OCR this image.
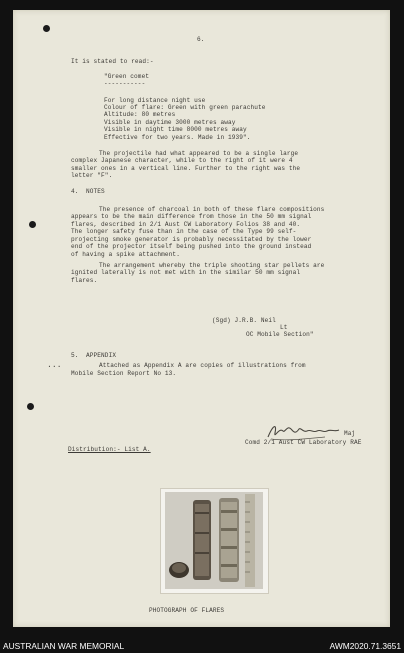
6.
It is stated to read:-
"Green comet
-----------
For long distance night use
Colour of flare: Green with green parachute
Altitude: 80 metres
Visible in daytime 3000 metres away
Visible in night time 8000 metres away
Effective for two years. Made in 1939".
The projectile had what appeared to be a single large
complex Japanese character, while to the right of it were 4
smaller ones in a vertical line. Further to the right was the
letter "F".
4.  NOTES
The presence of charcoal in both of these flare compositions
appears to be the main difference from those in the 50 mm signal
flares, described in 2/1 Aust CW Laboratory Folios 38 and 40.
The longer safety fuse than in the case of the Type 99 self-
projecting smoke generator is probably necessitated by the lower
end of the projector itself being pushed into the ground instead
of having a spike attachment.
The arrangement whereby the triple shooting star pellets are
ignited laterally is not met with in the similar 50 mm signal
flares.
(Sgd) J.R.B. Neil
Lt
OC Mobile Section"
5.  APPENDIX
...	Attached as Appendix A are copies of illustrations from
Mobile Section Report No 13.
Maj
Comd 2/1 Aust CW Laboratory RAE
Distribution:- List A.
PHOTOGRAPH OF FLARES
AUSTRALIAN WAR MEMORIAL	AWM2020.71.3651
